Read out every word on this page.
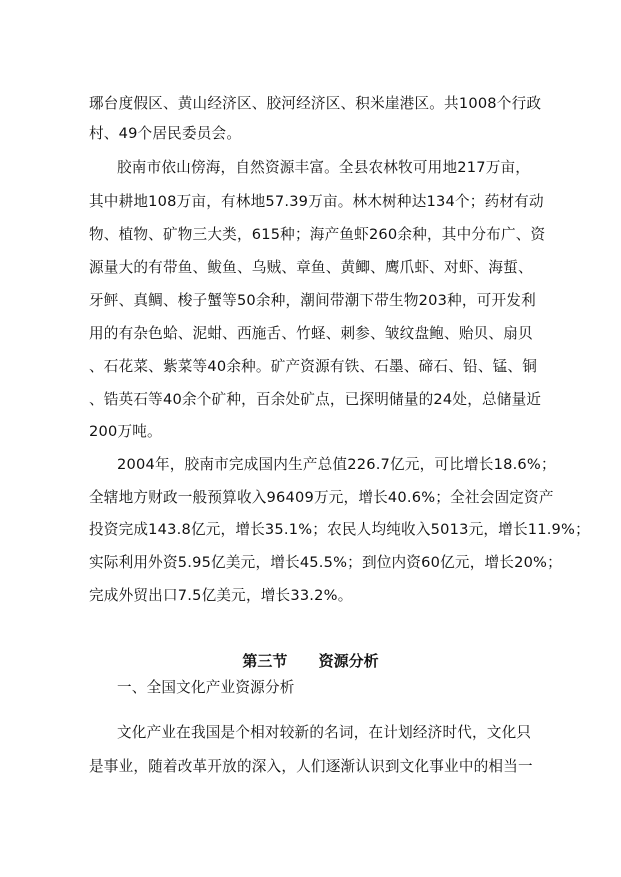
琊台度假区、黄山经济区、胶河经济区、积米崖港区。共1008个行政
村、49个居民委员会。
胶南市依山傍海，自然资源丰富。全县农林牧可用地217万亩，
其中耕地108万亩，有林地57.39万亩。林木树种达134个；药材有动
物、植物、矿物三大类，615种；海产鱼虾260余种，其中分布广、资
源量大的有带鱼、鲅鱼、乌贼、章鱼、黄鲫、鹰爪虾、对虾、海蜇、
牙鲆、真鲷、梭子蟹等50余种，潮间带潮下带生物203种，可开发利
用的有杂色蛤、泥蚶、西施舌、竹蛏、刺参、皱纹盘鲍、贻贝、扇贝
、石花菜、紫菜等40余种。矿产资源有铁、石墨、碲石、铅、锰、铜
、锆英石等40余个矿种，百余处矿点，已探明储量的24处，总储量近
200万吨。
2004年，胶南市完成国内生产总值226.7亿元，可比增长18.6%；
全辖地方财政一般预算收入96409万元，增长40.6%；全社会固定资产
投资完成143.8亿元，增长35.1%；农民人均纯收入5013元，增长11.9%；
实际利用外资5.95亿美元，增长45.5%；到位内资60亿元，增长20%；
完成外贸出口7.5亿美元，增长33.2%。
第三节      资源分析
一、全国文化产业资源分析
文化产业在我国是个相对较新的名词，在计划经济时代，文化只
是事业，随着改革开放的深入，人们逐渐认识到文化事业中的相当一
